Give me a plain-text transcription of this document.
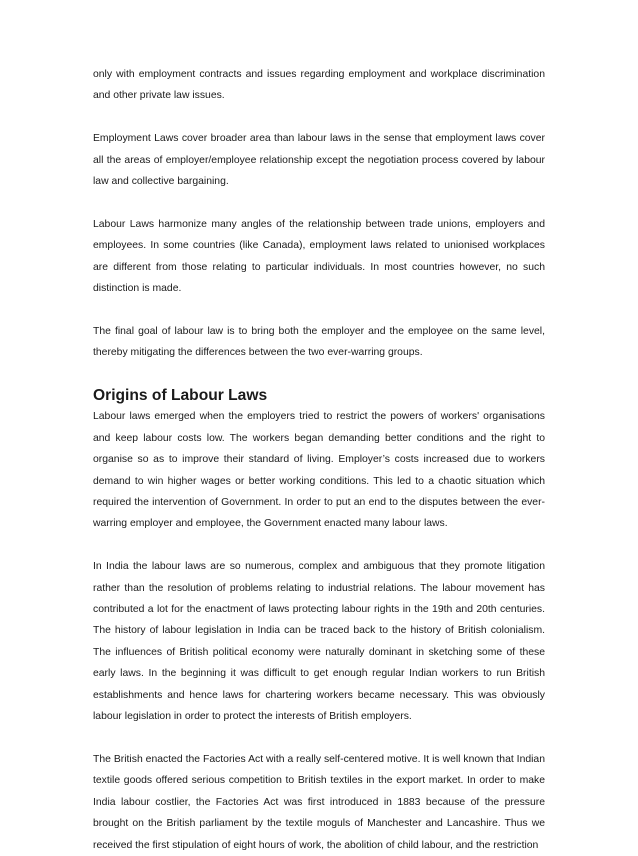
only with employment contracts and issues regarding employment and workplace discrimination and other private law issues.

Employment Laws cover broader area than labour laws in the sense that employment laws cover all the areas of employer/employee relationship except the negotiation process covered by labour law and collective bargaining.

Labour Laws harmonize many angles of the relationship between trade unions, employers and employees. In some countries (like Canada), employment laws related to unionised workplaces are different from those relating to particular individuals. In most countries however, no such distinction is made.

The final goal of labour law is to bring both the employer and the employee on the same level, thereby mitigating the differences between the two ever-warring groups.

Origins of Labour Laws

Labour laws emerged when the employers tried to restrict the powers of workers' organisations and keep labour costs low. The workers began demanding better conditions and the right to organise so as to improve their standard of living. Employer’s costs increased due to workers demand to win higher wages or better working conditions. This led to a chaotic situation which required the intervention of Government. In order to put an end to the disputes between the ever-warring employer and employee, the Government enacted many labour laws.

In India the labour laws are so numerous, complex and ambiguous that they promote litigation rather than the resolution of problems relating to industrial relations. The labour movement has contributed a lot for the enactment of laws protecting labour rights in the 19th and 20th centuries. The history of labour legislation in India can be traced back to the history of British colonialism. The influences of British political economy were naturally dominant in sketching some of these early laws. In the beginning it was difficult to get enough regular Indian workers to run British establishments and hence laws for chartering workers became necessary. This was obviously labour legislation in order to protect the interests of British employers.

The British enacted the Factories Act with a really self-centered motive. It is well known that Indian textile goods offered serious competition to British textiles in the export market. In order to make India labour costlier, the Factories Act was first introduced in 1883 because of the pressure brought on the British parliament by the textile moguls of Manchester and Lancashire. Thus we received the first stipulation of eight hours of work, the abolition of child labour, and the restriction
